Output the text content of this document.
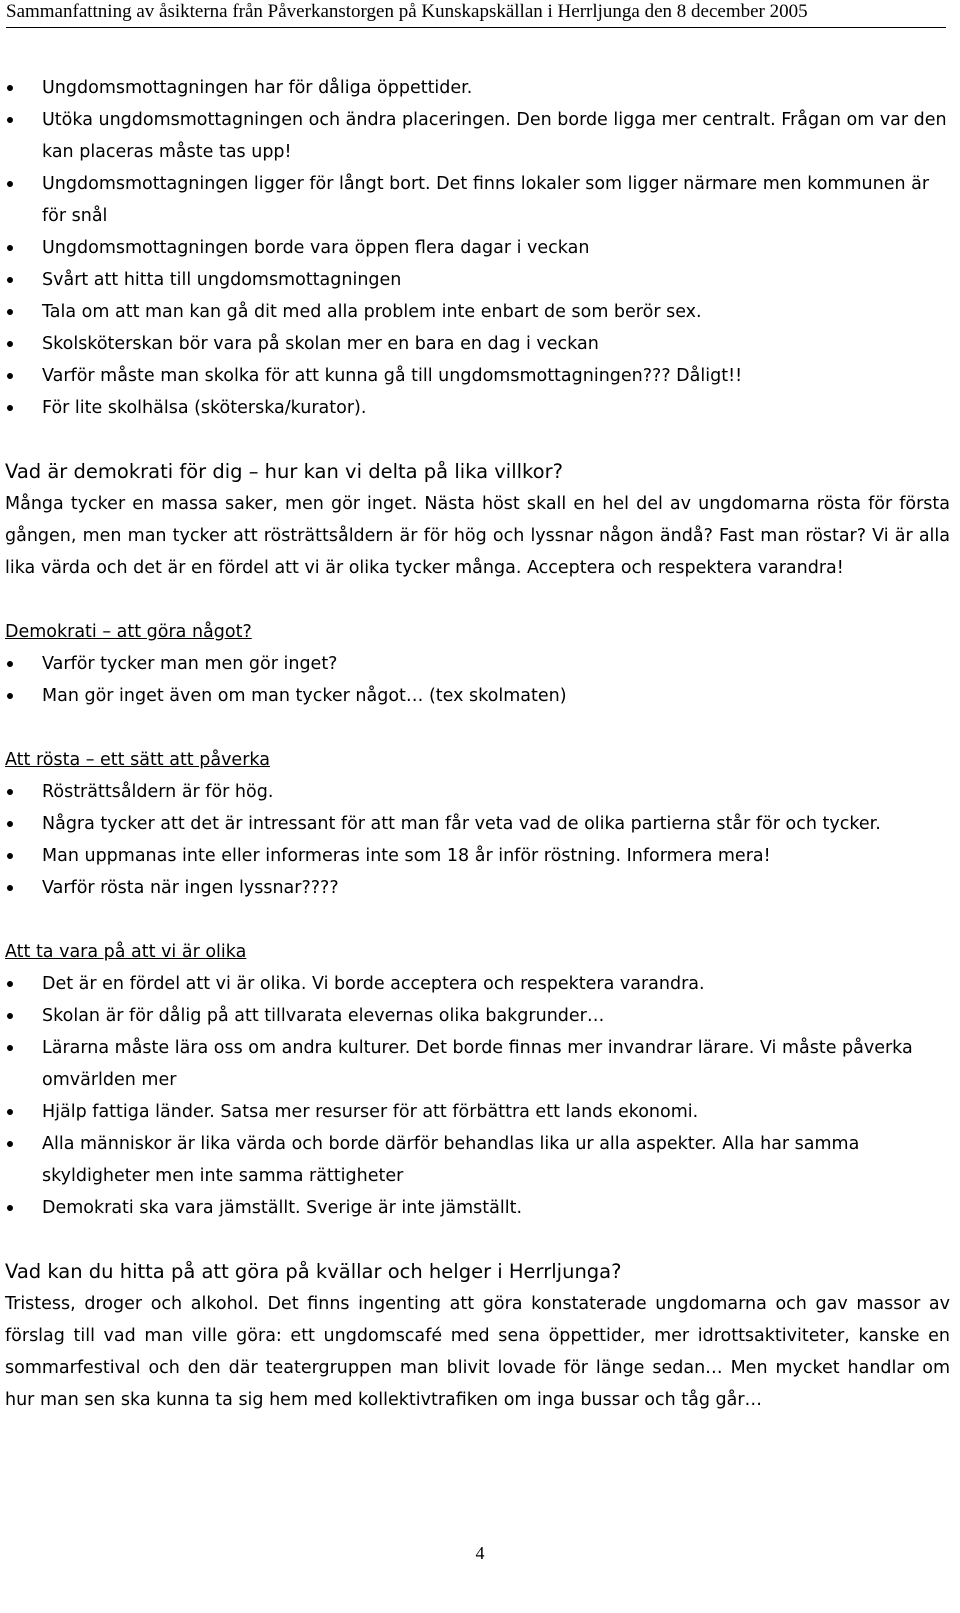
Sammanfattning av åsikterna från Påverkanstorgen på Kunskapskällan i Herrljunga den 8 december 2005
Ungdomsmottagningen har för dåliga öppettider.
Utöka ungdomsmottagningen och ändra placeringen. Den borde ligga mer centralt. Frågan om var den kan placeras måste tas upp!
Ungdomsmottagningen ligger för långt bort. Det finns lokaler som ligger närmare men kommunen är för snål
Ungdomsmottagningen borde vara öppen flera dagar i veckan
Svårt att hitta till ungdomsmottagningen
Tala om att man kan gå dit med alla problem inte enbart de som berör sex.
Skolsköterskan bör vara på skolan mer en bara en dag i veckan
Varför måste man skolka för att kunna gå till ungdomsmottagningen??? Dåligt!!
För lite skolhälsa (sköterska/kurator).

Vad är demokrati för dig – hur kan vi delta på lika villkor?

Många tycker en massa saker, men gör inget. Nästa höst skall en hel del av ungdomarna rösta för första gången, men man tycker att rösträttsåldern är för hög och lyssnar någon ändå? Fast man röstar? Vi är alla lika värda och det är en fördel att vi är olika tycker många. Acceptera och respektera varandra!

Demokrati – att göra något?

Varför tycker man men gör inget?
Man gör inget även om man tycker något… (tex skolmaten)

Att rösta – ett sätt att påverka

Rösträttsåldern är för hög.
Några tycker att det är intressant för att man får veta vad de olika partierna står för och tycker.
Man uppmanas inte eller informeras inte som 18 år inför röstning. Informera mera!
Varför rösta när ingen lyssnar????

Att ta vara på att vi är olika

Det är en fördel att vi är olika. Vi borde acceptera och respektera varandra.
Skolan är för dålig på att tillvarata elevernas olika bakgrunder…
Lärarna måste lära oss om andra kulturer. Det borde finnas mer invandrar lärare. Vi måste påverka omvärlden mer
Hjälp fattiga länder. Satsa mer resurser för att förbättra ett lands ekonomi.
Alla människor är lika värda och borde därför behandlas lika ur alla aspekter. Alla har samma skyldigheter men inte samma rättigheter
Demokrati ska vara jämställt. Sverige är inte jämställt.

Vad kan du hitta på att göra på kvällar och helger i Herrljunga?

Tristess, droger och alkohol. Det finns ingenting att göra konstaterade ungdomarna och gav massor av förslag till vad man ville göra: ett ungdomscafé med sena öppettider, mer idrottsaktiviteter, kanske en sommarfestival och den där teatergruppen man blivit lovade för länge sedan… Men mycket handlar om hur man sen ska kunna ta sig hem med kollektivtrafiken om inga bussar och tåg går…

4
